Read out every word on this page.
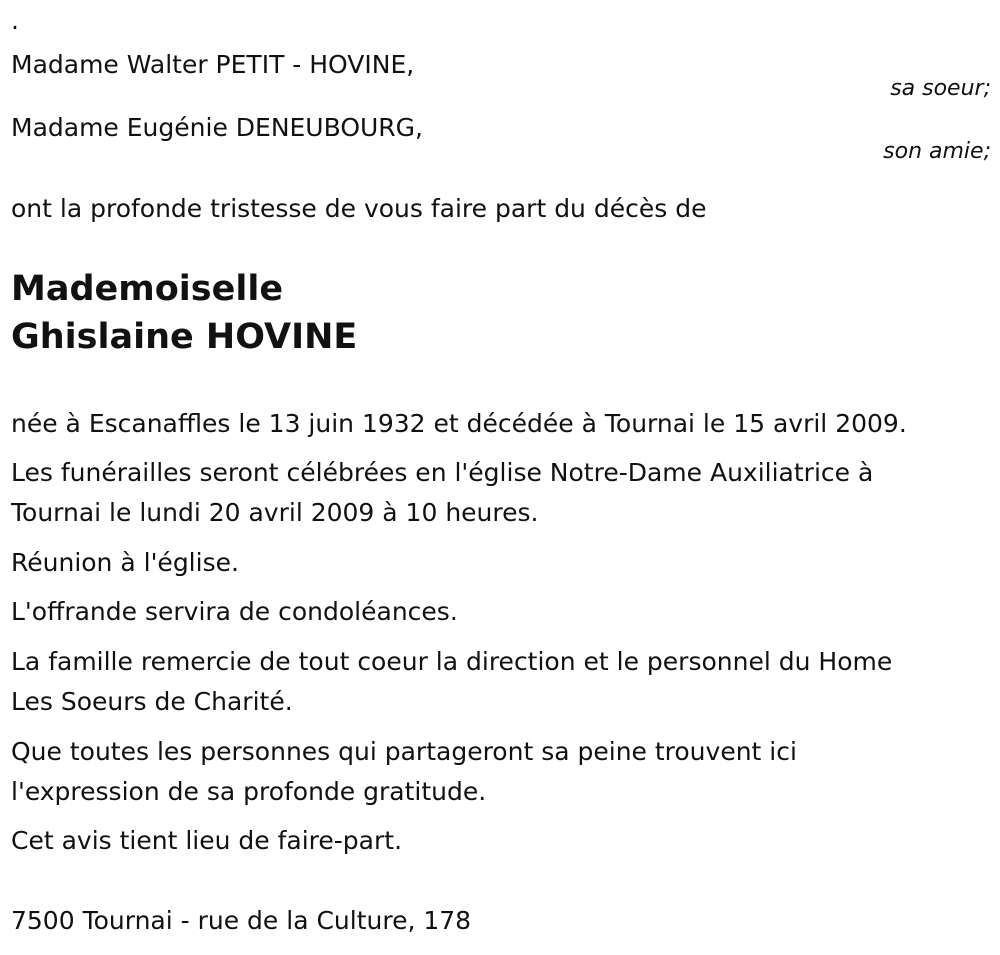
.
Madame Walter PETIT - HOVINE,
sa soeur;
Madame Eugénie DENEUBOURG,
son amie;
ont la profonde tristesse de vous faire part du décès de
Mademoiselle
Ghislaine HOVINE
née à Escanaffles le 13 juin 1932 et décédée à Tournai le 15 avril 2009.
Les funérailles seront célébrées en l'église Notre-Dame Auxiliatrice à
Tournai le lundi 20 avril 2009 à 10 heures.
Réunion à l'église.
L'offrande servira de condoléances.
La famille remercie de tout coeur la direction et le personnel du Home
Les Soeurs de Charité.
Que toutes les personnes qui partageront sa peine trouvent ici
l'expression de sa profonde gratitude.
Cet avis tient lieu de faire-part.
7500 Tournai - rue de la Culture, 178
